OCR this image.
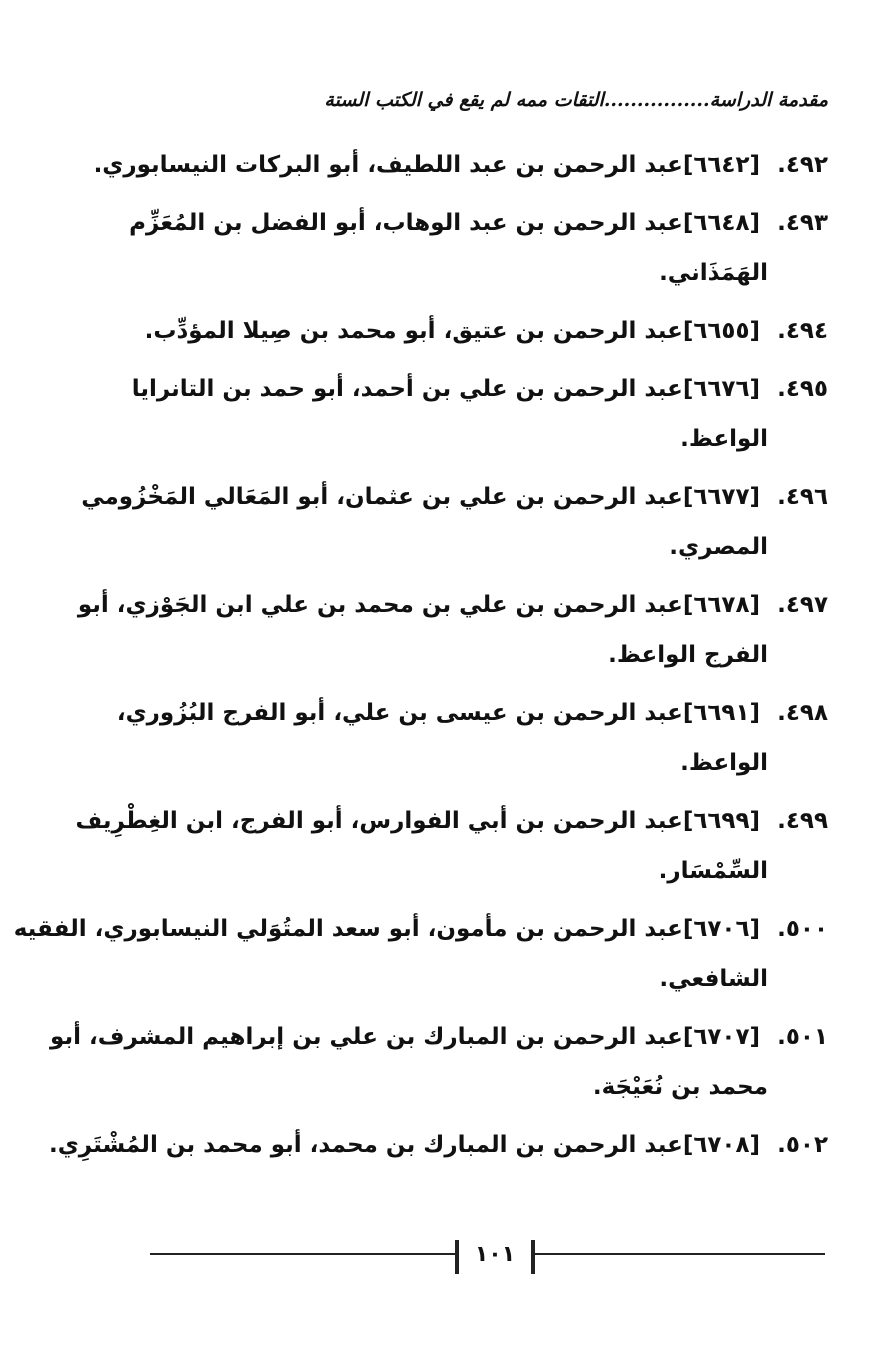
مقدمة الدراسة................التقات ممه لم يقع في الكتب الستة
٤٩٢.
[٦٦٤٢]
عبد الرحمن بن عبد اللطيف، أبو البركات النيسابوري.
٤٩٣.
[٦٦٤٨]
عبد الرحمن بن عبد الوهاب، أبو الفضل بن المُعَزِّم
الهَمَذَاني.
٤٩٤.
[٦٦٥٥]
عبد الرحمن بن عتيق، أبو محمد بن صِيلا المؤدِّب.
٤٩٥.
[٦٦٧٦]
عبد الرحمن بن علي بن أحمد، أبو حمد بن التانرايا
الواعظ.
٤٩٦.
[٦٦٧٧]
عبد الرحمن بن علي بن عثمان، أبو المَعَالي المَخْزُومي
المصري.
٤٩٧.
[٦٦٧٨]
عبد الرحمن بن علي بن محمد بن علي ابن الجَوْزي، أبو
الفرج الواعظ.
٤٩٨.
[٦٦٩١]
عبد الرحمن بن عيسى بن علي، أبو الفرج البُزُوري،
الواعظ.
٤٩٩.
[٦٦٩٩]
عبد الرحمن بن أبي الفوارس، أبو الفرج، ابن الغِطْرِيف
السِّمْسَار.
٥٠٠.
[٦٧٠٦]
عبد الرحمن بن مأمون، أبو سعد المتُوَلي النيسابوري، الفقيه
الشافعي.
٥٠١.
[٦٧٠٧]
عبد الرحمن بن المبارك بن علي بن إبراهيم المشرف، أبو
محمد بن نُعَيْجَة.
٥٠٢.
[٦٧٠٨]
عبد الرحمن بن المبارك بن محمد، أبو محمد بن المُشْتَرِي.
١٠١
